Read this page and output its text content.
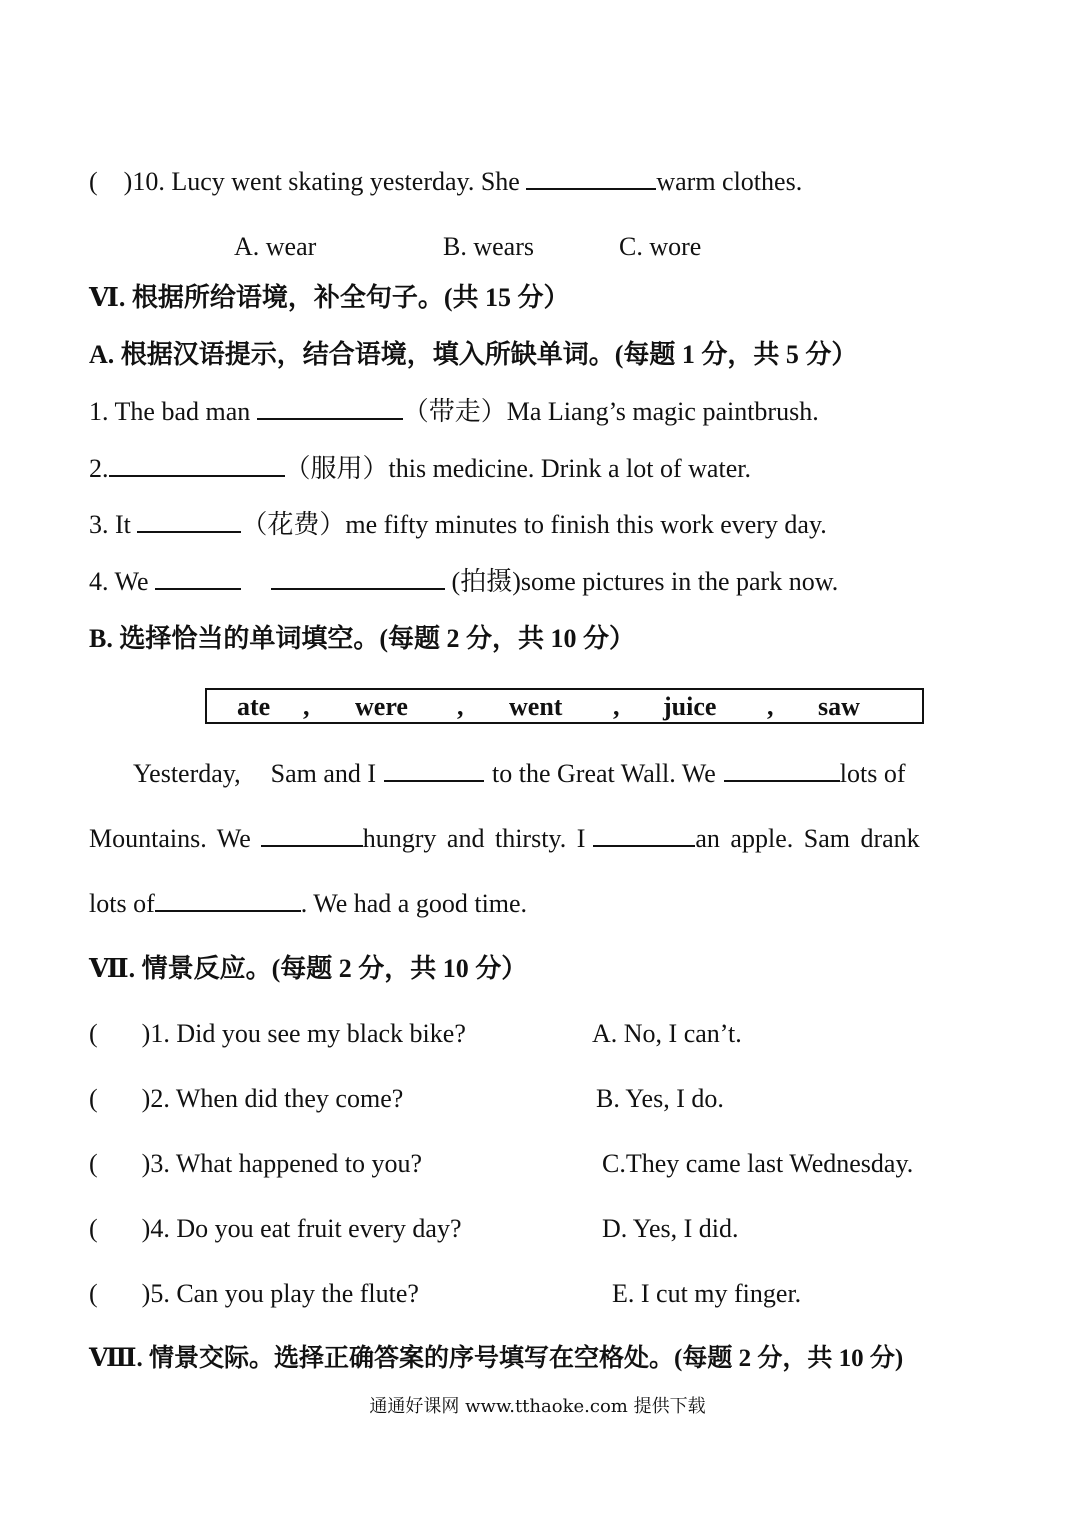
( )10. Lucy went skating yesterday. She	warm clothes.
A. wear	B. wears	C. wore
Ⅵ. 根据所给语境，补全句子。(共 15 分）
A. 根据汉语提示，结合语境，填入所缺单词。(每题 1 分，共 5 分）
1. The bad man	（带走）Ma Liang’s magic paintbrush.
2.	（服用）this medicine. Drink a lot of water.
3. It	（花费）me fifty minutes to finish this work every day.
4. We	(拍摄)some pictures in the park now.
B. 选择恰当的单词填空。(每题 2 分，共 10 分）
ate , were , went , juice , saw
Yesterday, Sam and I	to the Great Wall. We	lots of
Mountains. We	hungry and thirsty. I	an apple. Sam drank
lots of	. We had a good time.
Ⅶ. 情景反应。(每题 2 分，共 10 分）
( )1. Did you see my black bike?	A. No, I can’t.
( )2. When did they come?	B. Yes, I do.
( )3. What happened to you?	C.They came last Wednesday.
( )4. Do you eat fruit every day?	D. Yes, I did.
( )5. Can you play the flute?	E. I cut my finger.
Ⅷ. 情景交际。选择正确答案的序号填写在空格处。(每题 2 分，共 10 分)
通通好课网 www.tthaoke.com 提供下载
